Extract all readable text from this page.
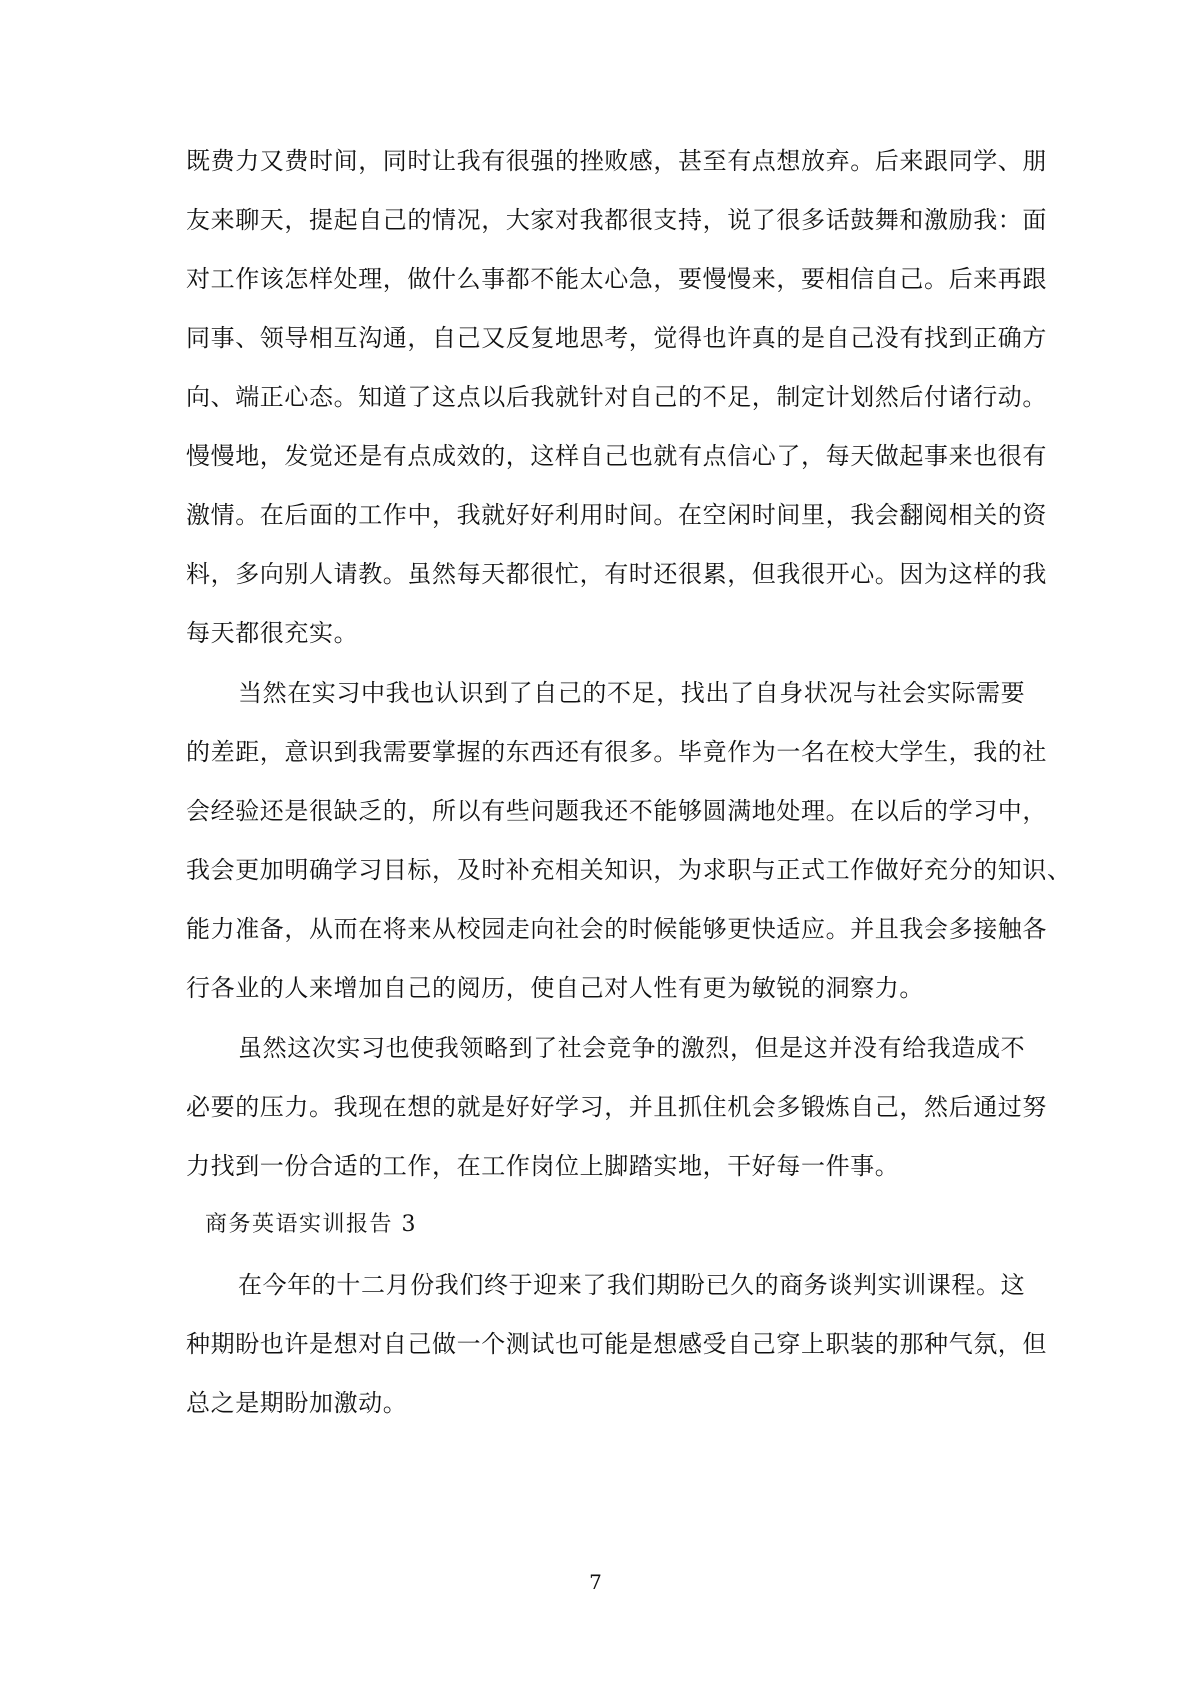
既费力又费时间，同时让我有很强的挫败感，甚至有点想放弃。后来跟同学、朋
友来聊天，提起自己的情况，大家对我都很支持，说了很多话鼓舞和激励我：面
对工作该怎样处理，做什么事都不能太心急，要慢慢来，要相信自己。后来再跟
同事、领导相互沟通，自己又反复地思考，觉得也许真的是自己没有找到正确方
向、端正心态。知道了这点以后我就针对自己的不足，制定计划然后付诸行动。
慢慢地，发觉还是有点成效的，这样自己也就有点信心了，每天做起事来也很有
激情。在后面的工作中，我就好好利用时间。在空闲时间里，我会翻阅相关的资
料，多向别人请教。虽然每天都很忙，有时还很累，但我很开心。因为这样的我
每天都很充实。
当然在实习中我也认识到了自己的不足，找出了自身状况与社会实际需要
的差距，意识到我需要掌握的东西还有很多。毕竟作为一名在校大学生，我的社
会经验还是很缺乏的，所以有些问题我还不能够圆满地处理。在以后的学习中，
我会更加明确学习目标，及时补充相关知识，为求职与正式工作做好充分的知识、
能力准备，从而在将来从校园走向社会的时候能够更快适应。并且我会多接触各
行各业的人来增加自己的阅历，使自己对人性有更为敏锐的洞察力。
虽然这次实习也使我领略到了社会竞争的激烈，但是这并没有给我造成不
必要的压力。我现在想的就是好好学习，并且抓住机会多锻炼自己，然后通过努
力找到一份合适的工作，在工作岗位上脚踏实地，干好每一件事。
商务英语实训报告 3
在今年的十二月份我们终于迎来了我们期盼已久的商务谈判实训课程。这
种期盼也许是想对自己做一个测试也可能是想感受自己穿上职装的那种气氛，但
总之是期盼加激动。
7
